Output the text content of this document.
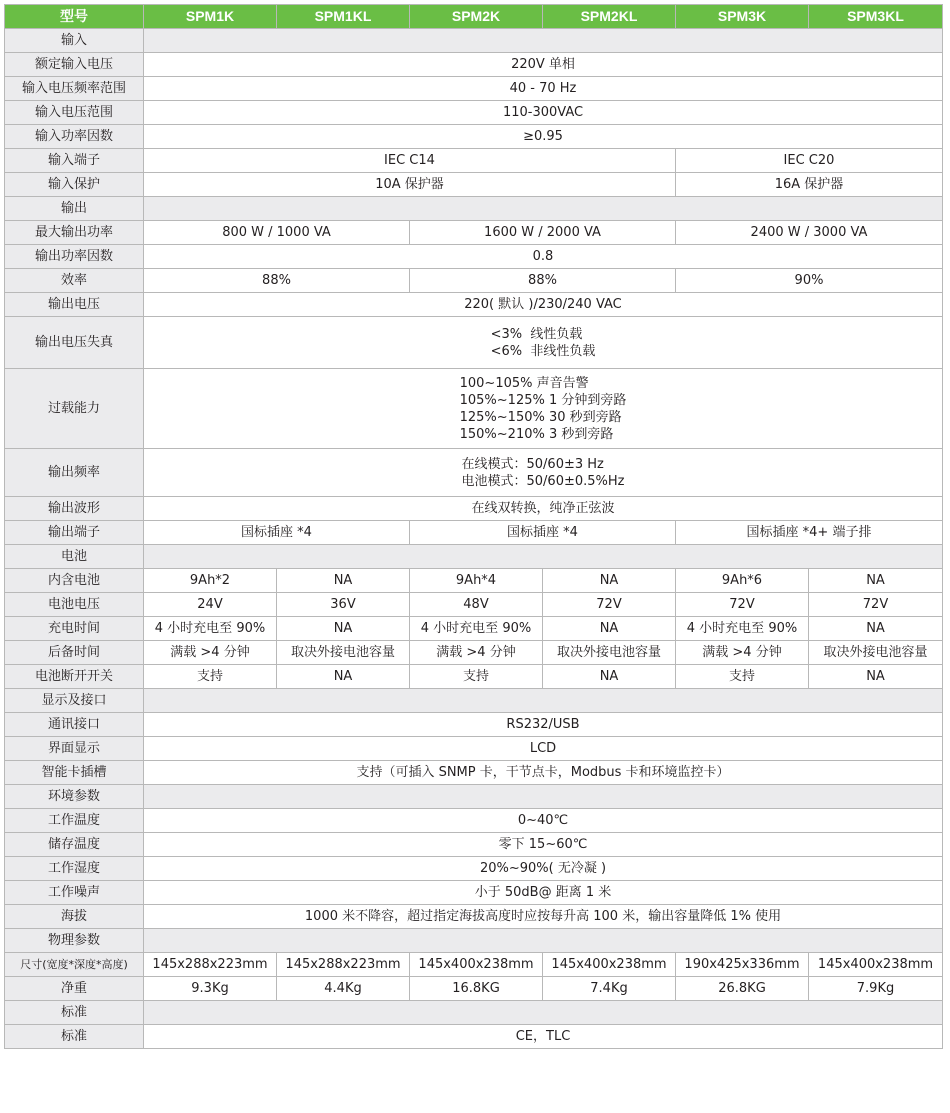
型号	SPM1K	SPM1KL	SPM2K	SPM2KL	SPM3K	SPM3KL
输入						
额定输入电压	220V 单相					
输入电压频率范围	40 - 70 Hz					
输入电压范围	110-300VAC					
输入功率因数	≥0.95					
输入端子	IEC C14				IEC C20	
输入保护	10A 保护器				16A 保护器	
输出						
最大输出功率	800 W / 1000 VA		1600 W / 2000 VA		2400 W / 3000 VA	
输出功率因数	0.8					
效率	88%		88%		90%	
输出电压	220( 默认 )/230/240 VAC					
输出电压失真	<3%  线性负载
<6%  非线性负载					
过载能力	100~105% 声音告警
105%~125% 1 分钟到旁路
125%~150% 30 秒到旁路
150%~210% 3 秒到旁路					
输出频率	在线模式：50/60±3 Hz
电池模式：50/60±0.5%Hz					
输出波形	在线双转换，纯净正弦波					
输出端子	国标插座 *4		国标插座 *4		国标插座 *4+ 端子排	
电池						
内含电池	9Ah*2	NA	9Ah*4	NA	9Ah*6	NA
电池电压	24V	36V	48V	72V	72V	72V
充电时间	4 小时充电至 90%	NA	4 小时充电至 90%	NA	4 小时充电至 90%	NA
后备时间	满载 >4 分钟	取决外接电池容量	满载 >4 分钟	取决外接电池容量	满载 >4 分钟	取决外接电池容量
电池断开开关	支持	NA	支持	NA	支持	NA
显示及接口						
通讯接口	RS232/USB					
界面显示	LCD					
智能卡插槽	支持（可插入 SNMP 卡，干节点卡，Modbus 卡和环境监控卡）					
环境参数						
工作温度	0~40℃					
储存温度	零下 15~60℃					
工作湿度	20%~90%( 无冷凝 )					
工作噪声	小于 50dB@ 距离 1 米					
海拔	1000 米不降容，超过指定海拔高度时应按每升高 100 米，输出容量降低 1% 使用					
物理参数						
尺寸(宽度*深度*高度)	145x288x223mm	145x288x223mm	145x400x238mm	145x400x238mm	190x425x336mm	145x400x238mm
净重	9.3Kg	4.4Kg	16.8KG	7.4Kg	26.8KG	7.9Kg
标准						
标准	CE，TLC					
